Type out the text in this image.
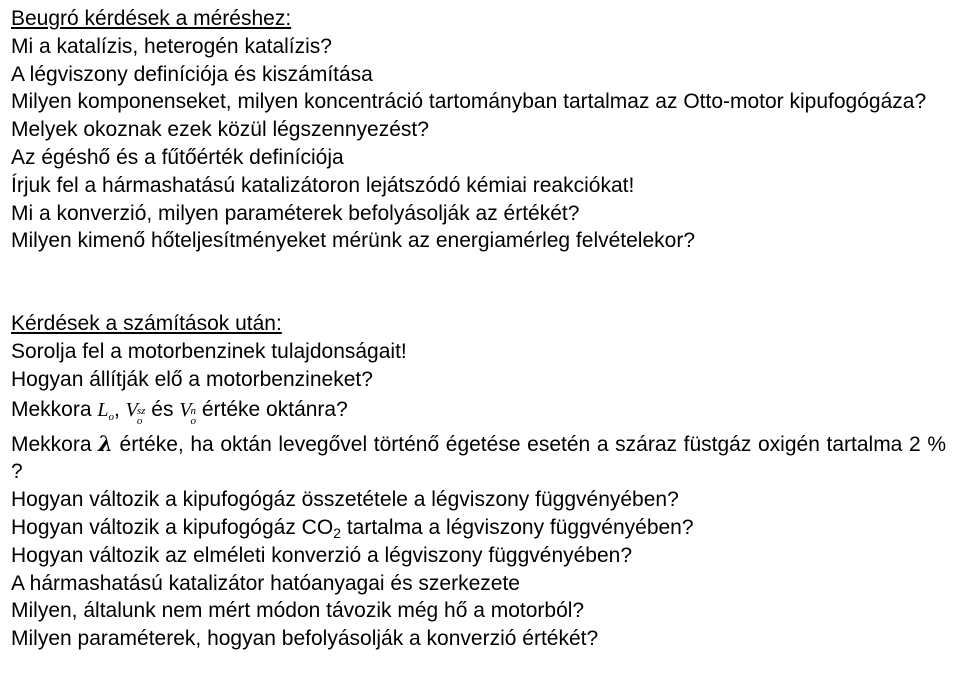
Beugró kérdések a méréshez:
Mi a katalízis, heterogén katalízis?
A légviszony definíciója és kiszámítása
Milyen komponenseket, milyen koncentráció tartományban tartalmaz az Otto-motor kipufogógáza?
Melyek okoznak ezek közül légszennyezést?
Az égéshő és a fűtőérték definíciója
Írjuk fel a hármashatású katalizátoron lejátszódó kémiai reakciókat!
Mi a konverzió, milyen paraméterek befolyásolják az értékét?
Milyen kimenő hőteljesítményeket mérünk az energiamérleg felvételekor?
Kérdések a számítások után:
Sorolja fel a motorbenzinek tulajdonságait!
Hogyan állítják elő a motorbenzineket?
Mekkora $L_o$, V sz
o és V n
o értéke oktánra?
Mekkora λ értéke, ha oktán levegővel történő égetése esetén a száraz füstgáz oxigén tartalma 2 % ?
Hogyan változik a kipufogógáz összetétele a légviszony függvényében?
Hogyan változik a kipufogógáz $CO_2$ tartalma a légviszony függvényében?
Hogyan változik az elméleti konverzió a légviszony függvényében?
A hármashatású katalizátor hatóanyagai és szerkezete
Milyen, általunk nem mért módon távozik még hő a motorból?
Milyen paraméterek, hogyan befolyásolják a konverzió értékét?
